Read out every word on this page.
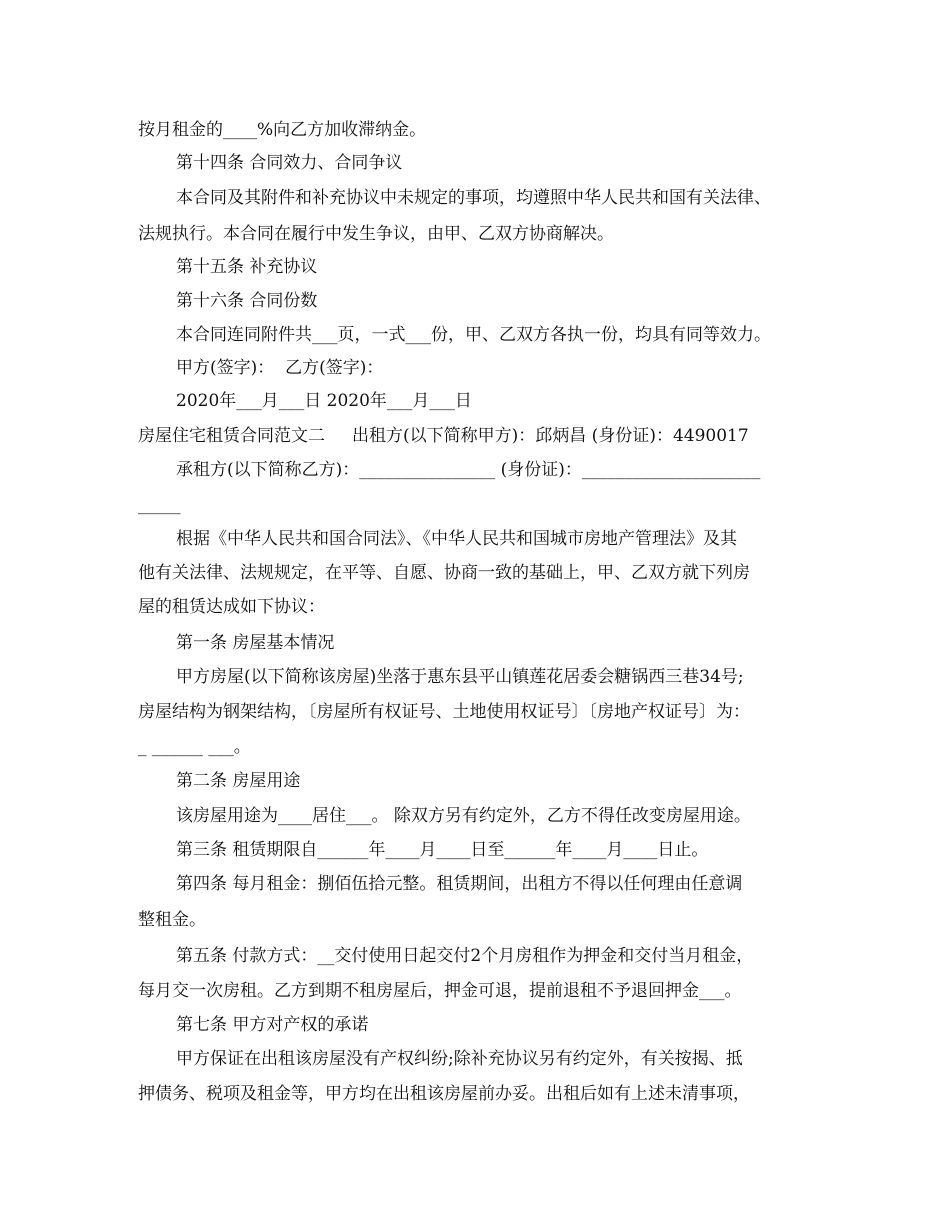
按月租金的____%向乙方加收滞纳金。
第十四条 合同效力、合同争议
本合同及其附件和补充协议中未规定的事项，均遵照中华人民共和国有关法律、
法规执行。本合同在履行中发生争议，由甲、乙双方协商解决。
第十五条 补充协议
第十六条 合同份数
本合同连同附件共___页，一式___份，甲、乙双方各执一份，均具有同等效力。
甲方(签字)：  乙方(签字)：
2020年___月___日 2020年___月___日
房屋住宅租赁合同范文二     出租方(以下简称甲方)：邱炳昌 (身份证)：4490017
承租方(以下简称乙方)：________________ (身份证)：_____________________
_____
根据《中华人民共和国合同法》、《中华人民共和国城市房地产管理法》及其
他有关法律、法规规定，在平等、自愿、协商一致的基础上，甲、乙双方就下列房
屋的租赁达成如下协议：
第一条 房屋基本情况
甲方房屋(以下简称该房屋)坐落于惠东县平山镇莲花居委会糖锅西三巷34号;
房屋结构为钢架结构，〔房屋所有权证号、土地使用权证号〕〔房地产权证号〕为：
_ ______ ___。
第二条 房屋用途
该房屋用途为____居住___。 除双方另有约定外，乙方不得任改变房屋用途。
第三条 租赁期限自______年____月____日至______年____月____日止。
第四条 每月租金：捌佰伍拾元整。租赁期间，出租方不得以任何理由任意调
整租金。
第五条 付款方式：__交付使用日起交付2个月房租作为押金和交付当月租金，
每月交一次房租。乙方到期不租房屋后，押金可退，提前退租不予退回押金___。
第七条 甲方对产权的承诺
甲方保证在出租该房屋没有产权纠纷;除补充协议另有约定外，有关按揭、抵
押债务、税项及租金等，甲方均在出租该房屋前办妥。出租后如有上述未清事项，
